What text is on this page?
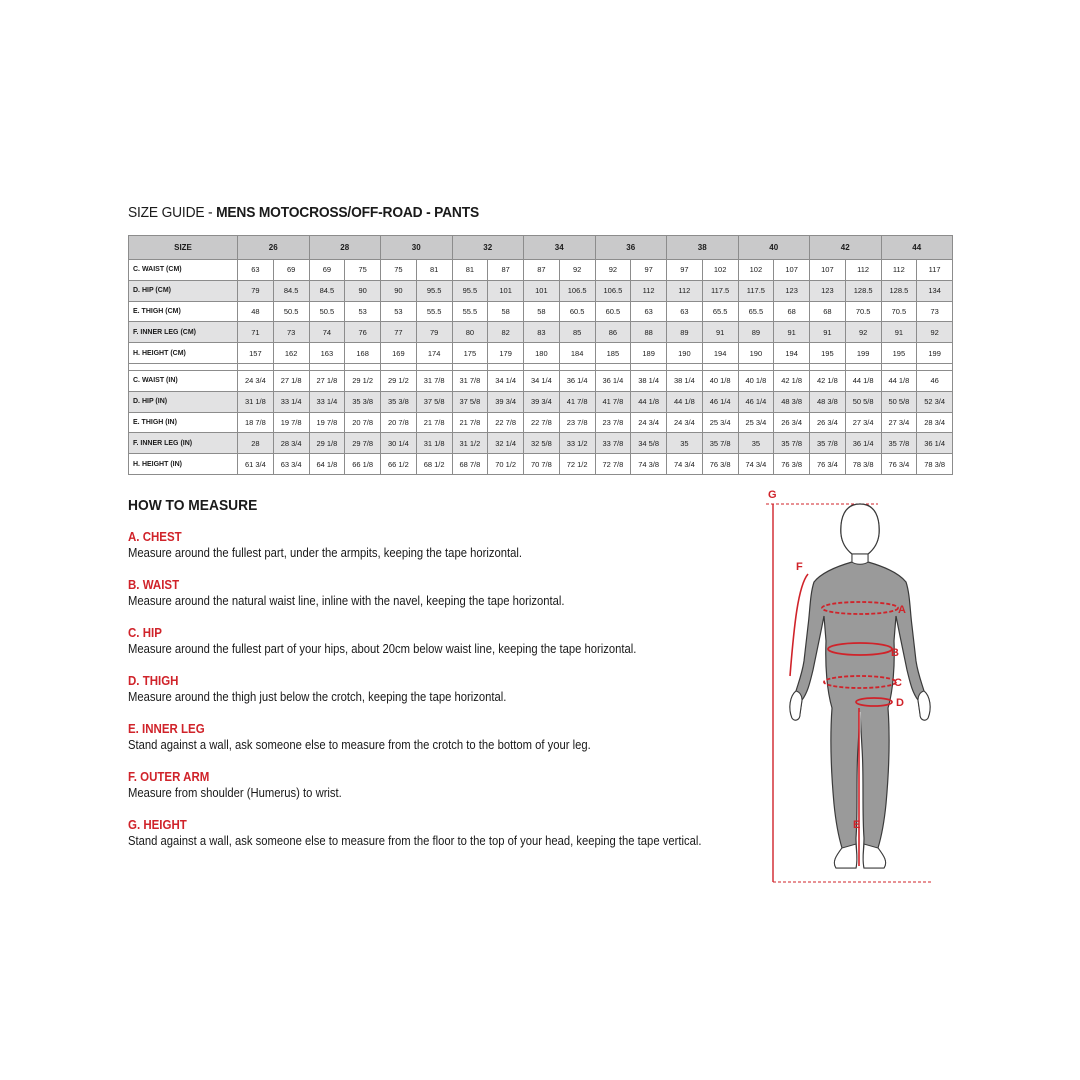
SIZE GUIDE - MENS MOTOCROSS/OFF-ROAD - PANTS
SIZE	26		28		30		32		34		36		38		40		42		44	
C. WAIST (CM)	63	69	69	75	75	81	81	87	87	92	92	97	97	102	102	107	107	112	112	117
D. HIP (CM)	79	84.5	84.5	90	90	95.5	95.5	101	101	106.5	106.5	112	112	117.5	117.5	123	123	128.5	128.5	134
E. THIGH (CM)	48	50.5	50.5	53	53	55.5	55.5	58	58	60.5	60.5	63	63	65.5	65.5	68	68	70.5	70.5	73
F. INNER LEG (CM)	71	73	74	76	77	79	80	82	83	85	86	88	89	91	89	91	91	92	91	92
H. HEIGHT (CM)	157	162	163	168	169	174	175	179	180	184	185	189	190	194	190	194	195	199	195	199

C. WAIST (IN)	24 3/4	27 1/8	27 1/8	29 1/2	29 1/2	31 7/8	31 7/8	34 1/4	34 1/4	36 1/4	36 1/4	38 1/4	38 1/4	40 1/8	40 1/8	42 1/8	42 1/8	44 1/8	44 1/8	46
D. HIP (IN)	31 1/8	33 1/4	33 1/4	35 3/8	35 3/8	37 5/8	37 5/8	39 3/4	39 3/4	41 7/8	41 7/8	44 1/8	44 1/8	46 1/4	46 1/4	48 3/8	48 3/8	50 5/8	50 5/8	52 3/4
E. THIGH (IN)	18 7/8	19 7/8	19 7/8	20 7/8	20 7/8	21 7/8	21 7/8	22 7/8	22 7/8	23 7/8	23 7/8	24 3/4	24 3/4	25 3/4	25 3/4	26 3/4	26 3/4	27 3/4	27 3/4	28 3/4
F. INNER LEG (IN)	28	28 3/4	29 1/8	29 7/8	30 1/4	31 1/8	31 1/2	32 1/4	32 5/8	33 1/2	33 7/8	34 5/8	35	35 7/8	35	35 7/8	35 7/8	36 1/4	35 7/8	36 1/4
H. HEIGHT (IN)	61 3/4	63 3/4	64 1/8	66 1/8	66 1/2	68 1/2	68 7/8	70 1/2	70 7/8	72 1/2	72 7/8	74 3/8	74 3/4	76 3/8	74 3/4	76 3/8	76 3/4	78 3/8	76 3/4	78 3/8
HOW TO MEASURE
A. CHEST
Measure around the fullest part, under the armpits, keeping the tape horizontal.
B. WAIST
Measure around the natural waist line, inline with the navel, keeping the tape horizontal.
C. HIP
Measure around the fullest part of your hips, about 20cm below waist line, keeping the tape horizontal.
D. THIGH
Measure around the thigh just below the crotch, keeping the tape horizontal.
E. INNER LEG
Stand against a wall, ask someone else to measure from the crotch to the bottom of your leg.
F. OUTER ARM
Measure from shoulder (Humerus) to wrist.
G. HEIGHT
Stand against a wall, ask someone else to measure from the floor to the top of your head, keeping the tape vertical.
G
A
B
C
D
E
F
